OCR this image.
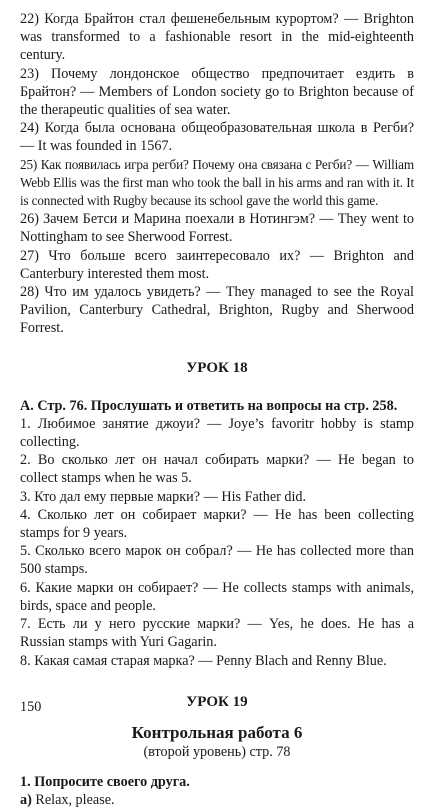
22) Когда Брайтон стал фешенебельным курортом? — Brighton was transformed to a fashionable resort in the mid-eighteenth century.

23) Почему лондонское общество предпочитает ездить в Брайтон? — Members of London society go to Brighton because of the therapeutic qualities of sea water.

24) Когда была основана общеобразовательная школа в Регби? — It was founded in 1567.

25) Как появилась игра регби? Почему она связана с Регби? — William Webb Ellis was the first man who took the ball in his arms and ran with it. It is connected with Rugby because its school gave the world this game.

26) Зачем Бетси и Марина поехали в Нотингэм? — They went to Nottingham to see Sherwood Forrest.

27) Что больше всего заинтересовало их? — Brighton and Canterbury interested them most.

28) Что им удалось увидеть? — They managed to see the Royal Pavilion, Canterbury Cathedral, Brighton, Rugby and Sherwood Forrest.

УРОК 18

А. Стр. 76. Прослушать и ответить на вопросы на стр. 258.

1. Любимое занятие джоуи? — Joye’s favoritr hobby is stamp collecting.

2. Во сколько лет он начал собирать марки? — He began to collect stamps when he was 5.

3. Кто дал ему первые марки? — His Father did.

4. Сколько лет он собирает марки? — He has been collecting stamps for 9 years.

5. Сколько всего марок он собрал? — He has collected more than 500 stamps.

6. Какие марки он собирает? — He collects stamps with animals, birds, space and people.

7. Есть ли у него русские марки? — Yes, he does. He has a Russian stamps with Yuri Gagarin.

8. Какая самая старая марка? — Penny Blach and Renny Blue.

УРОК 19
Контрольная работа 6
(второй уровень) стр. 78

1. Попросите своего друга.

а) Relax, please.

150
